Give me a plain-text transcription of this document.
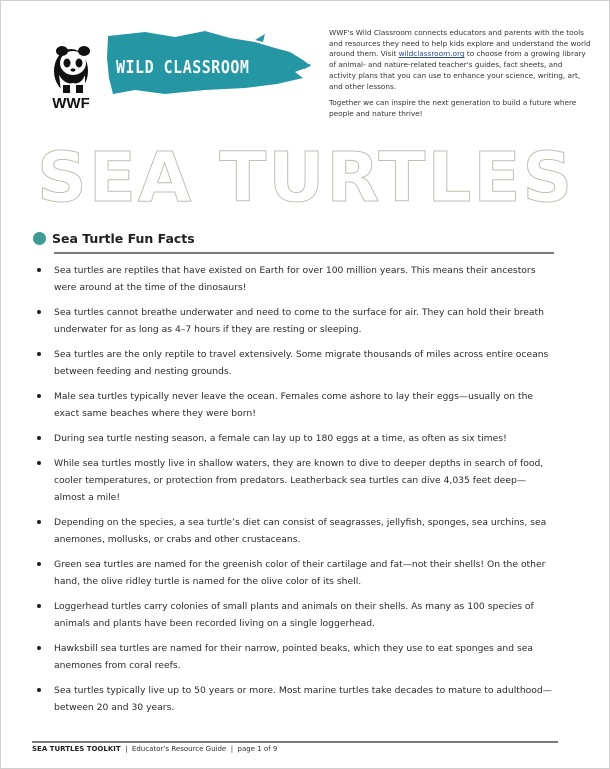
WWF
WILD CLASSROOM

WWF's Wild Classroom connects educators and parents with the tools and resources they need to help kids explore and understand the world around them. Visit wildclassroom.org to choose from a growing library of animal- and nature-related teacher's guides, fact sheets, and activity plans that you can use to enhance your science, writing, art, and other lessons.

Together we can inspire the next generation to build a future where people and nature thrive!

SEA TURTLES
Sea Turtle Fun Facts
Sea turtles are reptiles that have existed on Earth for over 100 million years. This means their ancestors were around at the time of the dinosaurs!
Sea turtles cannot breathe underwater and need to come to the surface for air. They can hold their breath underwater for as long as 4–7 hours if they are resting or sleeping.
Sea turtles are the only reptile to travel extensively. Some migrate thousands of miles across entire oceans between feeding and nesting grounds.
Male sea turtles typically never leave the ocean. Females come ashore to lay their eggs—usually on the exact same beaches where they were born!
During sea turtle nesting season, a female can lay up to 180 eggs at a time, as often as six times!
While sea turtles mostly live in shallow waters, they are known to dive to deeper depths in search of food, cooler temperatures, or protection from predators. Leatherback sea turtles can dive 4,035 feet deep—almost a mile!
Depending on the species, a sea turtle’s diet can consist of seagrasses, jellyfish, sponges, sea urchins, sea anemones, mollusks, or crabs and other crustaceans.
Green sea turtles are named for the greenish color of their cartilage and fat—not their shells! On the other hand, the olive ridley turtle is named for the olive color of its shell.
Loggerhead turtles carry colonies of small plants and animals on their shells. As many as 100 species of animals and plants have been recorded living on a single loggerhead.
Hawksbill sea turtles are named for their narrow, pointed beaks, which they use to eat sponges and sea anemones from coral reefs.
Sea turtles typically live up to 50 years or more. Most marine turtles take decades to mature to adulthood—between 20 and 30 years.
SEA TURTLES TOOLKIT  |  Educator’s Resource Guide  |  page 1 of 9
